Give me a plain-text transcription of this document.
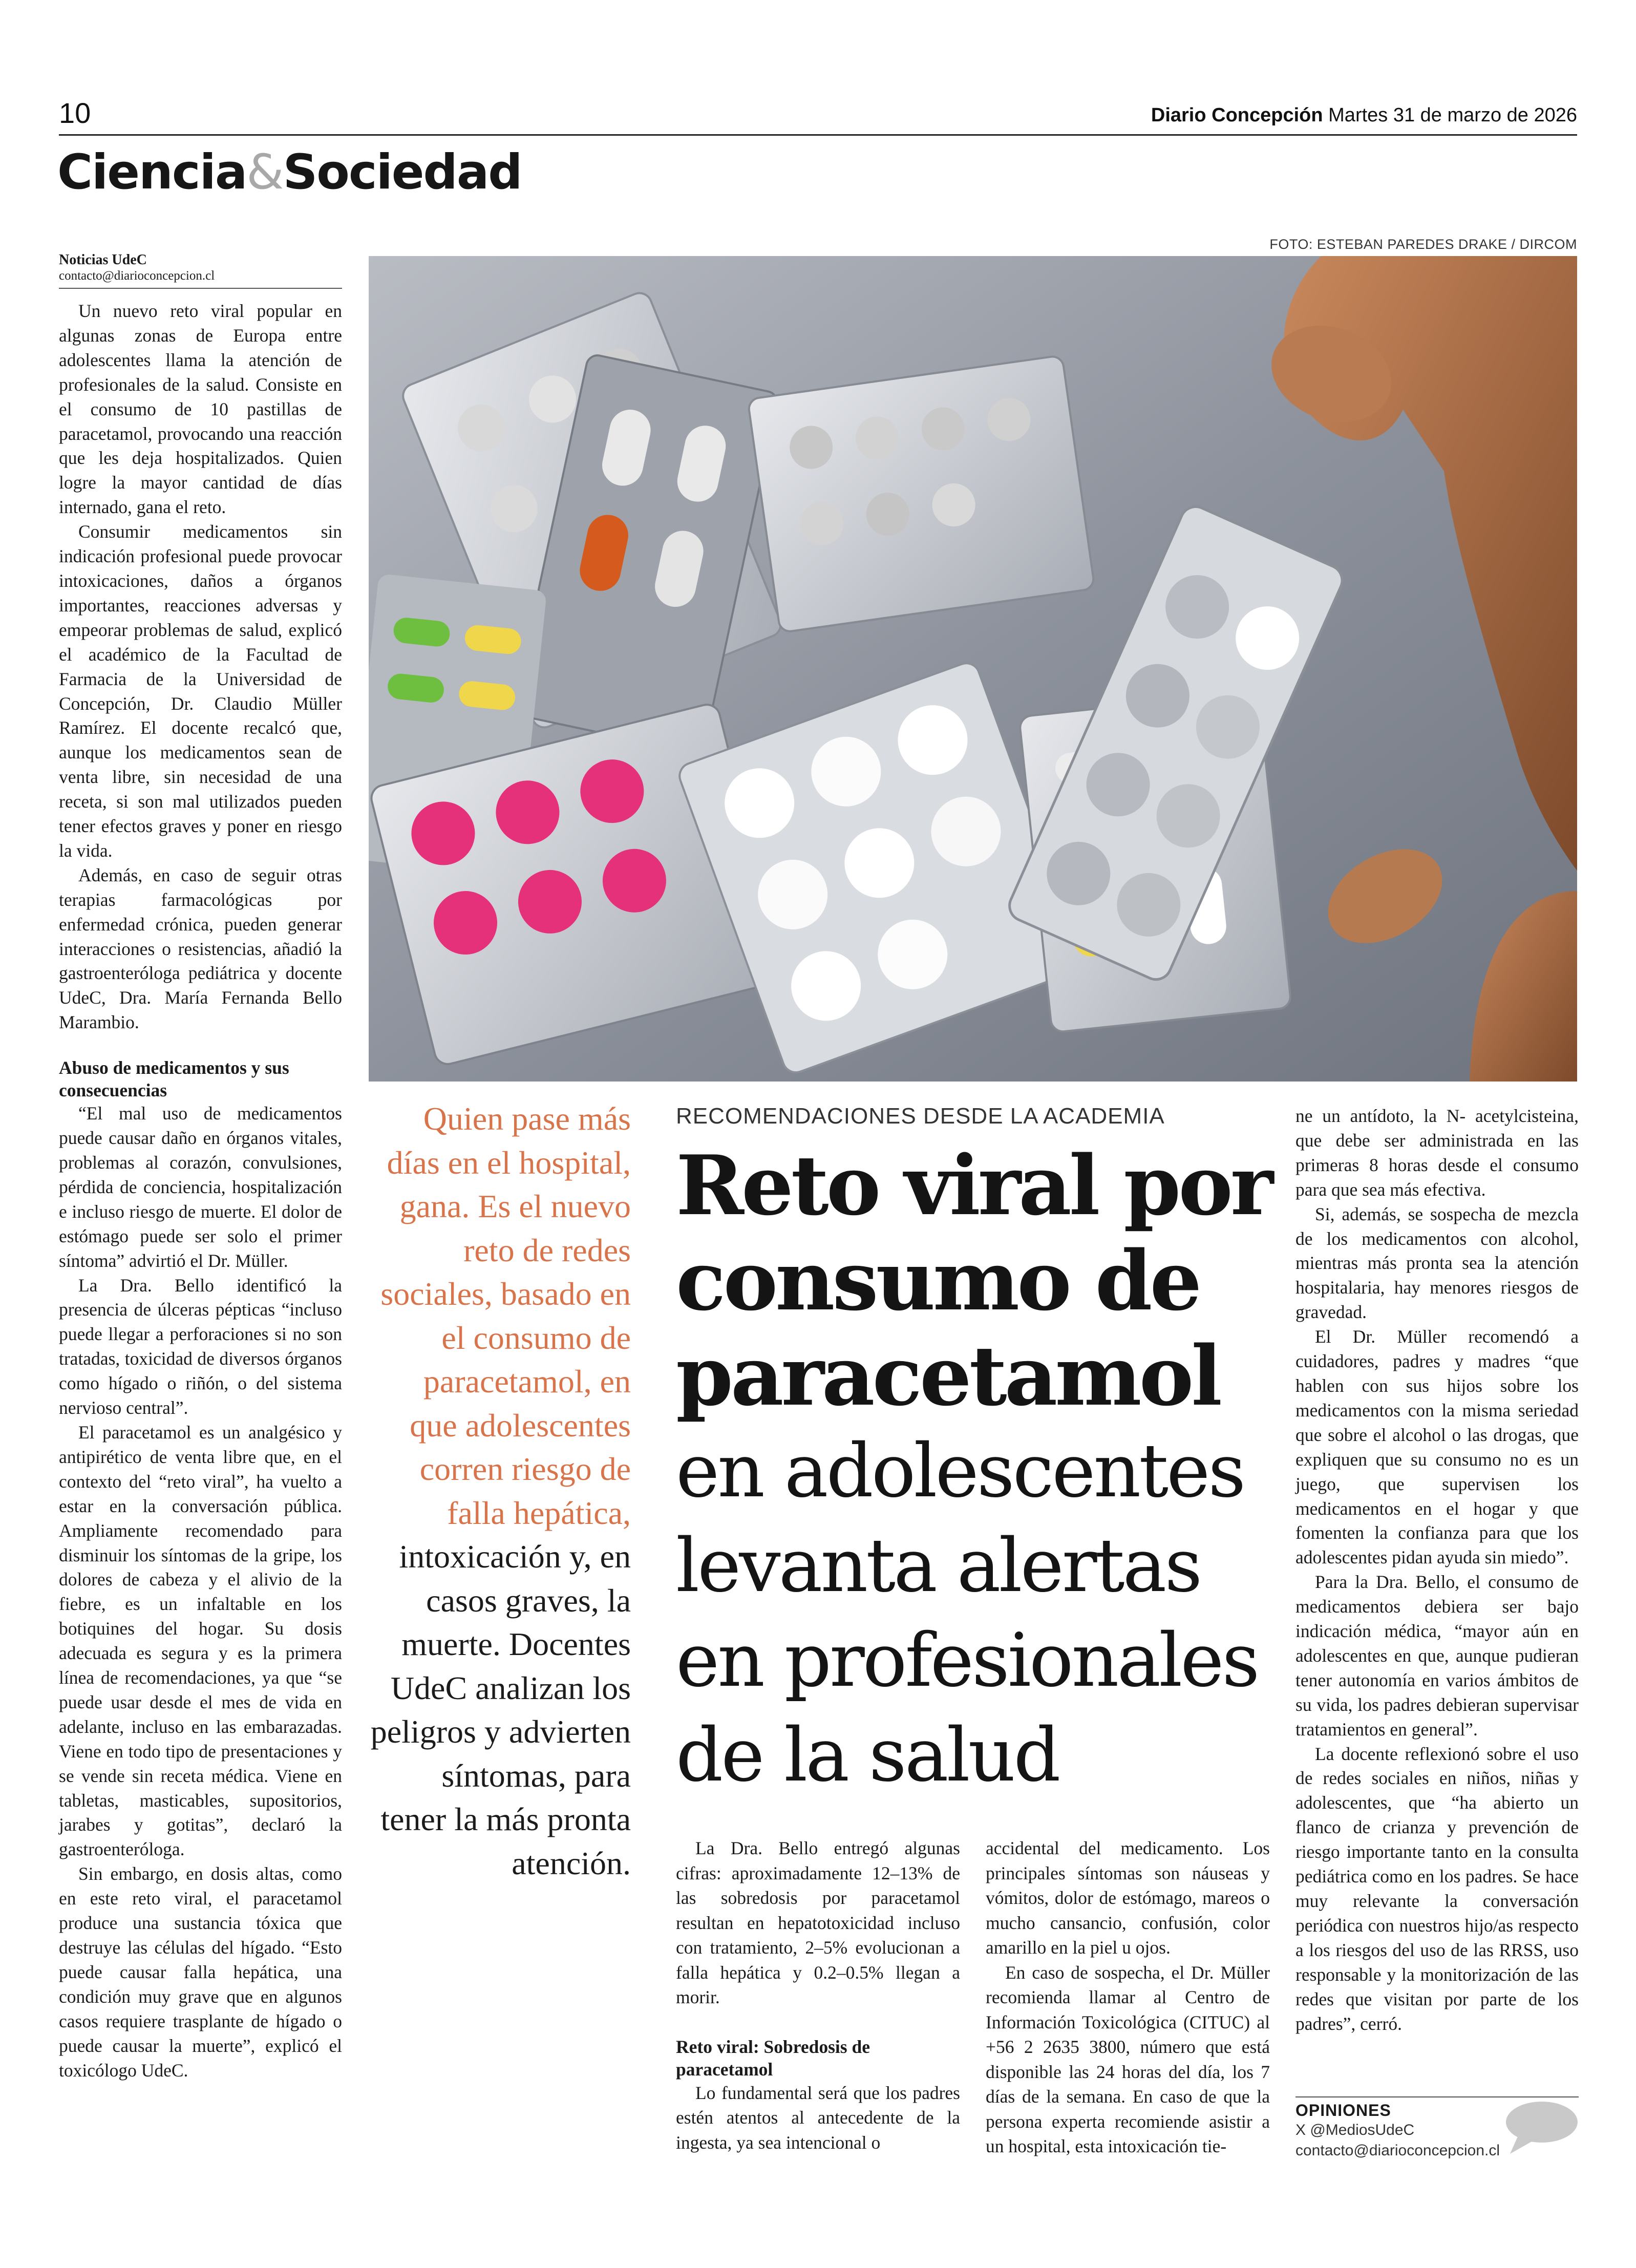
10	Diario Concepción Martes 31 de marzo de 2026
Ciencia&Sociedad
FOTO: ESTEBAN PAREDES DRAKE / DIRCOM
Noticias UdeC
contacto@diarioconcepcion.cl

Un nuevo reto viral popular en algunas zonas de Europa entre adolescentes llama la atención de profesionales de la salud. Consiste en el consumo de 10 pastillas de paracetamol, provocando una reacción que les deja hospitalizados. Quien logre la mayor cantidad de días internado, gana el reto.

Consumir medicamentos sin indicación profesional puede provocar intoxicaciones, daños a órganos importantes, reacciones adversas y empeorar problemas de salud, explicó el académico de la Facultad de Farmacia de la Universidad de Concepción, Dr. Claudio Müller Ramírez. El docente recalcó que, aunque los medicamentos sean de venta libre, sin necesidad de una receta, si son mal utilizados pueden tener efectos graves y poner en riesgo la vida.

Además, en caso de seguir otras terapias farmacológicas por enfermedad crónica, pueden generar interacciones o resistencias, añadió la gastroenteróloga pediátrica y docente UdeC, Dra. María Fernanda Bello Marambio.

Abuso de medicamentos y sus consecuencias

“El mal uso de medicamentos puede causar daño en órganos vitales, problemas al corazón, convulsiones, pérdida de conciencia, hospitalización e incluso riesgo de muerte. El dolor de estómago puede ser solo el primer síntoma” advirtió el Dr. Müller.

La Dra. Bello identificó la presencia de úlceras pépticas “incluso puede llegar a perforaciones si no son tratadas, toxicidad de diversos órganos como hígado o riñón, o del sistema nervioso central”.

El paracetamol es un analgésico y antipirético de venta libre que, en el contexto del “reto viral”, ha vuelto a estar en la conversación pública. Ampliamente recomendado para disminuir los síntomas de la gripe, los dolores de cabeza y el alivio de la fiebre, es un infaltable en los botiquines del hogar. Su dosis adecuada es segura y es la primera línea de recomendaciones, ya que “se puede usar desde el mes de vida en adelante, incluso en las embarazadas. Viene en todo tipo de presentaciones y se vende sin receta médica. Viene en tabletas, masticables, supositorios, jarabes y gotitas”, declaró la gastroenteróloga.

Sin embargo, en dosis altas, como en este reto viral, el paracetamol produce una sustancia tóxica que destruye las células del hígado. “Esto puede causar falla hepática, una condición muy grave que en algunos casos requiere trasplante de hígado o puede causar la muerte”, explicó el toxicólogo UdeC.

Quien pase más días en el hospital, gana. Es el nuevo reto de redes sociales, basado en el consumo de paracetamol, en que adolescentes corren riesgo de falla hepática, intoxicación y, en casos graves, la muerte. Docentes UdeC analizan los peligros y advierten síntomas, para tener la más pronta atención.
RECOMENDACIONES DESDE LA ACADEMIA
Reto viral por
consumo de
paracetamol
en adolescentes
levanta alertas
en profesionales
de la salud

La Dra. Bello entregó algunas cifras: aproximadamente 12–13% de las sobredosis por paracetamol resultan en hepatotoxicidad incluso con tratamiento, 2–5% evolucionan a falla hepática y 0.2–0.5% llegan a morir.

Reto viral: Sobredosis de paracetamol

Lo fundamental será que los padres estén atentos al antecedente de la ingesta, ya sea intencional o

accidental del medicamento. Los principales síntomas son náuseas y vómitos, dolor de estómago, mareos o mucho cansancio, confusión, color amarillo en la piel u ojos.

En caso de sospecha, el Dr. Müller recomienda llamar al Centro de Información Toxicológica (CITUC) al +56 2 2635 3800, número que está disponible las 24 horas del día, los 7 días de la semana. En caso de que la persona experta recomiende asistir a un hospital, esta intoxicación tie-

ne un antídoto, la N- acetylcisteina, que debe ser administrada en las primeras 8 horas desde el consumo para que sea más efectiva.

Si, además, se sospecha de mezcla de los medicamentos con alcohol, mientras más pronta sea la atención hospitalaria, hay menores riesgos de gravedad.

El Dr. Müller recomendó a cuidadores, padres y madres “que hablen con sus hijos sobre los medicamentos con la misma seriedad que sobre el alcohol o las drogas, que expliquen que su consumo no es un juego, que supervisen los medicamentos en el hogar y que fomenten la confianza para que los adolescentes pidan ayuda sin miedo”.

Para la Dra. Bello, el consumo de medicamentos debiera ser bajo indicación médica, “mayor aún en adolescentes en que, aunque pudieran tener autonomía en varios ámbitos de su vida, los padres debieran supervisar tratamientos en general”.

La docente reflexionó sobre el uso de redes sociales en niños, niñas y adolescentes, que “ha abierto un flanco de crianza y prevención de riesgo importante tanto en la consulta pediátrica como en los padres. Se hace muy relevante la conversación periódica con nuestros hijo/as respecto a los riesgos del uso de las RRSS, uso responsable y la monitorización de las redes que visitan por parte de los padres”, cerró.

OPINIONES
X @MediosUdeC
contacto@diarioconcepcion.cl
